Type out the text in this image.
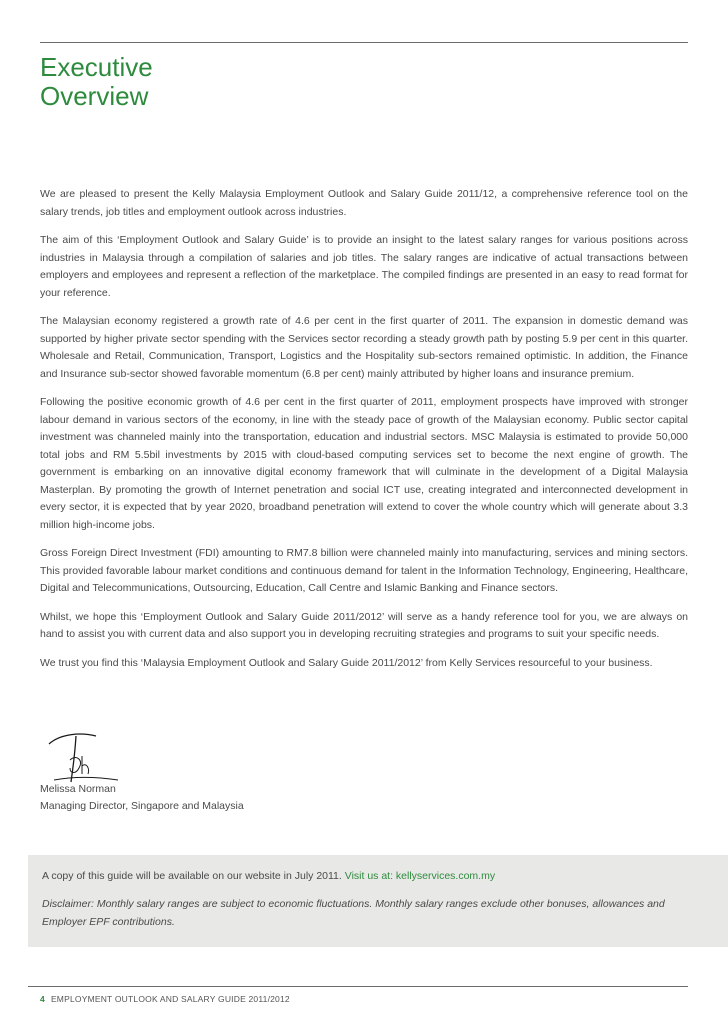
Executive
Overview

We are pleased to present the Kelly Malaysia Employment Outlook and Salary Guide 2011/12, a comprehensive reference tool on the salary trends, job titles and employment outlook across industries.

The aim of this ‘Employment Outlook and Salary Guide’ is to provide an insight to the latest salary ranges for various positions across industries in Malaysia through a compilation of salaries and job titles. The salary ranges are indicative of actual transactions between employers and employees and represent a reflection of the marketplace. The compiled findings are presented in an easy to read format for your reference.

The Malaysian economy registered a growth rate of 4.6 per cent in the first quarter of 2011. The expansion in domestic demand was supported by higher private sector spending with the Services sector recording a steady growth path by posting 5.9 per cent in this quarter. Wholesale and Retail, Communication, Transport, Logistics and the Hospitality sub-sectors remained optimistic. In addition, the Finance and Insurance sub-sector showed favorable momentum (6.8 per cent) mainly attributed by higher loans and insurance premium.

Following the positive economic growth of 4.6 per cent in the first quarter of 2011, employment prospects have improved with stronger labour demand in various sectors of the economy, in line with the steady pace of growth of the Malaysian economy. Public sector capital investment was channeled mainly into the transportation, education and industrial sectors. MSC Malaysia is estimated to provide 50,000 total jobs and RM 5.5bil investments by 2015 with cloud-based computing services set to become the next engine of growth. The government is embarking on an innovative digital economy framework that will culminate in the development of a Digital Malaysia Masterplan. By promoting the growth of Internet penetration and social ICT use, creating integrated and interconnected development in every sector, it is expected that by year 2020, broadband penetration will extend to cover the whole country which will generate about 3.3 million high-income jobs.

Gross Foreign Direct Investment (FDI) amounting to RM7.8 billion were channeled mainly into manufacturing, services and mining sectors. This provided favorable labour market conditions and continuous demand for talent in the Information Technology, Engineering, Healthcare, Digital and Telecommunications, Outsourcing, Education, Call Centre and Islamic Banking and Finance sectors.

Whilst, we hope this ‘Employment Outlook and Salary Guide 2011/2012’ will serve as a handy reference tool for you, we are always on hand to assist you with current data and also support you in developing recruiting strategies and programs to suit your specific needs.

We trust you find this ‘Malaysia Employment Outlook and Salary Guide 2011/2012’ from Kelly Services resourceful to your business.

Melissa Norman
Managing Director, Singapore and Malaysia
A copy of this guide will be available on our website in July 2011. Visit us at: kellyservices.com.my
Disclaimer: Monthly salary ranges are subject to economic fluctuations. Monthly salary ranges exclude other bonuses, allowances and Employer EPF contributions.
4 EMPLOYMENT OUTLOOK AND SALARY GUIDE 2011/2012
